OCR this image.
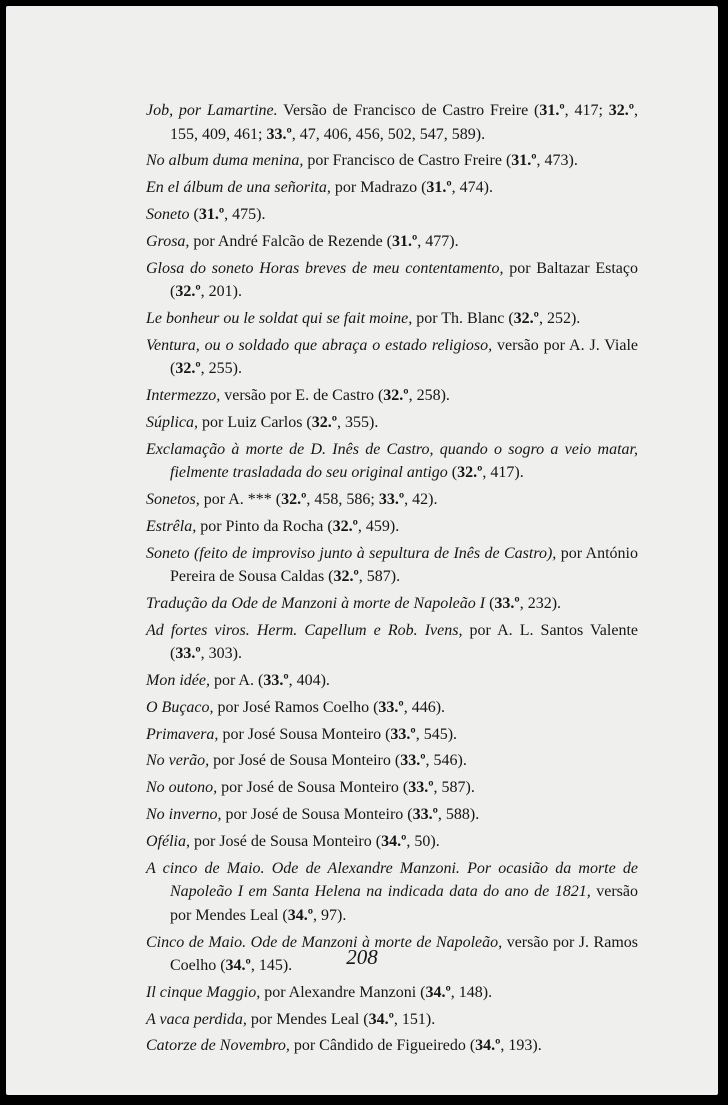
Job, por Lamartine. Versão de Francisco de Castro Freire (31.º, 417; 32.º, 155, 409, 461; 33.º, 47, 406, 456, 502, 547, 589).

No album duma menina, por Francisco de Castro Freire (31.º, 473).

En el álbum de una señorita, por Madrazo (31.º, 474).

Soneto (31.º, 475).

Grosa, por André Falcão de Rezende (31.º, 477).

Glosa do soneto Horas breves de meu contentamento, por Baltazar Estaço (32.º, 201).

Le bonheur ou le soldat qui se fait moine, por Th. Blanc (32.º, 252).

Ventura, ou o soldado que abraça o estado religioso, versão por A. J. Viale (32.º, 255).

Intermezzo, versão por E. de Castro (32.º, 258).

Súplica, por Luiz Carlos (32.º, 355).

Exclamação à morte de D. Inês de Castro, quando o sogro a veio matar, fielmente trasladada do seu original antigo (32.º, 417).

Sonetos, por A. *** (32.º, 458, 586; 33.º, 42).

Estrêla, por Pinto da Rocha (32.º, 459).

Soneto (feito de improviso junto à sepultura de Inês de Castro), por António Pereira de Sousa Caldas (32.º, 587).

Tradução da Ode de Manzoni à morte de Napoleão I (33.º, 232).

Ad fortes viros. Herm. Capellum e Rob. Ivens, por A. L. Santos Valente (33.º, 303).

Mon idée, por A. (33.º, 404).

O Buçaco, por José Ramos Coelho (33.º, 446).

Primavera, por José Sousa Monteiro (33.º, 545).

No verão, por José de Sousa Monteiro (33.º, 546).

No outono, por José de Sousa Monteiro (33.º, 587).

No inverno, por José de Sousa Monteiro (33.º, 588).

Ofélia, por José de Sousa Monteiro (34.º, 50).

A cinco de Maio. Ode de Alexandre Manzoni. Por ocasião da morte de Napoleão I em Santa Helena na indicada data do ano de 1821, versão por Mendes Leal (34.º, 97).

Cinco de Maio. Ode de Manzoni à morte de Napoleão, versão por J. Ramos Coelho (34.º, 145).

Il cinque Maggio, por Alexandre Manzoni (34.º, 148).

A vaca perdida, por Mendes Leal (34.º, 151).

Catorze de Novembro, por Cândido de Figueiredo (34.º, 193).

208
